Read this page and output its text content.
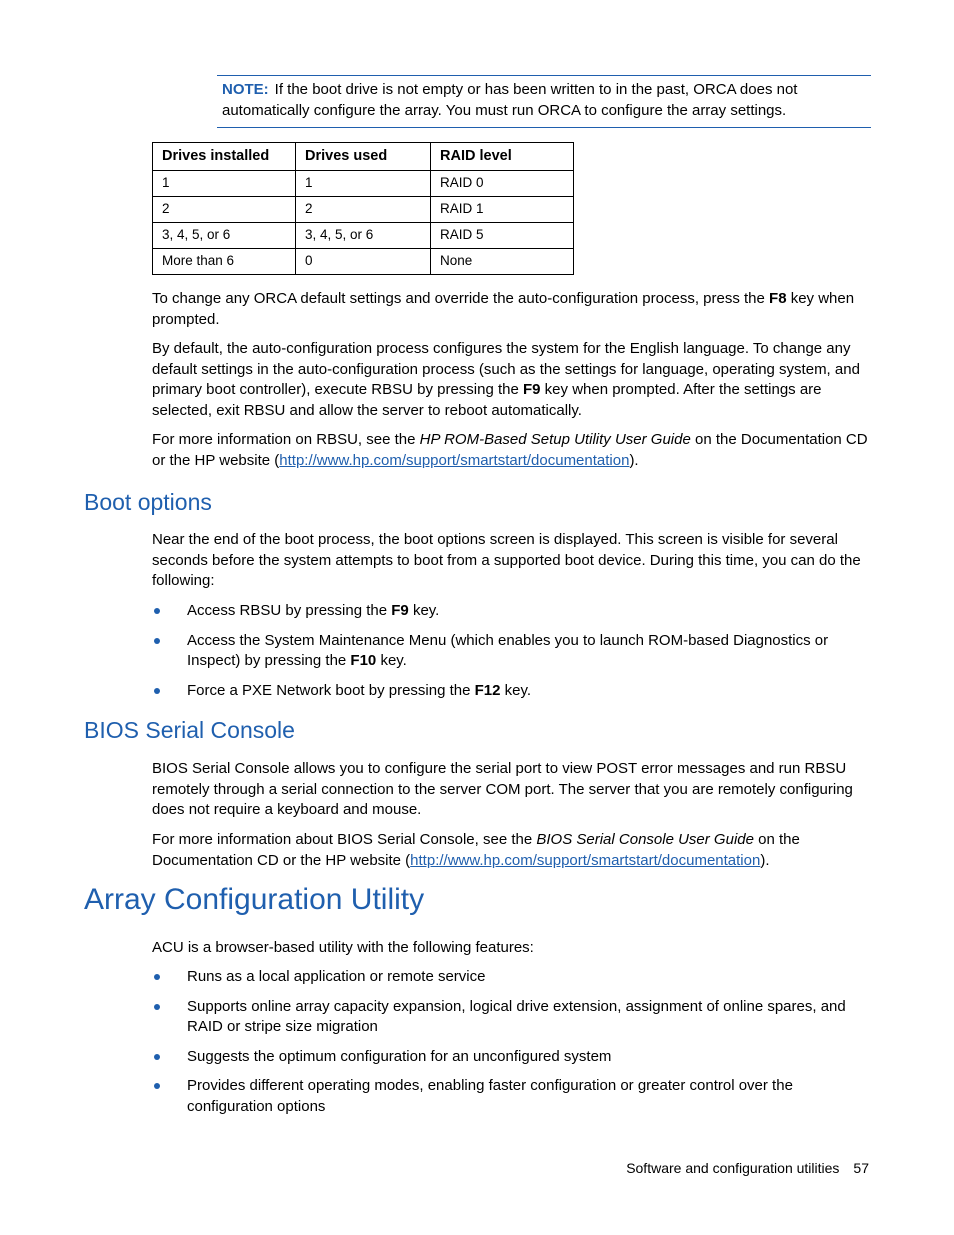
NOTE: If the boot drive is not empty or has been written to in the past, ORCA does not automatically configure the array. You must run ORCA to configure the array settings.
Drives installed	Drives used	RAID level
1	1	RAID 0
2	2	RAID 1
3, 4, 5, or 6	3, 4, 5, or 6	RAID 5
More than 6	0	None

To change any ORCA default settings and override the auto-configuration process, press the F8 key when prompted.

By default, the auto-configuration process configures the system for the English language. To change any default settings in the auto-configuration process (such as the settings for language, operating system, and primary boot controller), execute RBSU by pressing the F9 key when prompted. After the settings are selected, exit RBSU and allow the server to reboot automatically.

For more information on RBSU, see the HP ROM-Based Setup Utility User Guide on the Documentation CD or the HP website (http://www.hp.com/support/smartstart/documentation).

Boot options

Near the end of the boot process, the boot options screen is displayed. This screen is visible for several seconds before the system attempts to boot from a supported boot device. During this time, you can do the following:

Access RBSU by pressing the F9 key.
Access the System Maintenance Menu (which enables you to launch ROM-based Diagnostics or Inspect) by pressing the F10 key.
Force a PXE Network boot by pressing the F12 key.
BIOS Serial Console

BIOS Serial Console allows you to configure the serial port to view POST error messages and run RBSU remotely through a serial connection to the server COM port. The server that you are remotely configuring does not require a keyboard and mouse.

For more information about BIOS Serial Console, see the BIOS Serial Console User Guide on the Documentation CD or the HP website (http://www.hp.com/support/smartstart/documentation).

Array Configuration Utility

ACU is a browser-based utility with the following features:

Runs as a local application or remote service
Supports online array capacity expansion, logical drive extension, assignment of online spares, and RAID or stripe size migration
Suggests the optimum configuration for an unconfigured system
Provides different operating modes, enabling faster configuration or greater control over the configuration options
Software and configuration utilities 57
